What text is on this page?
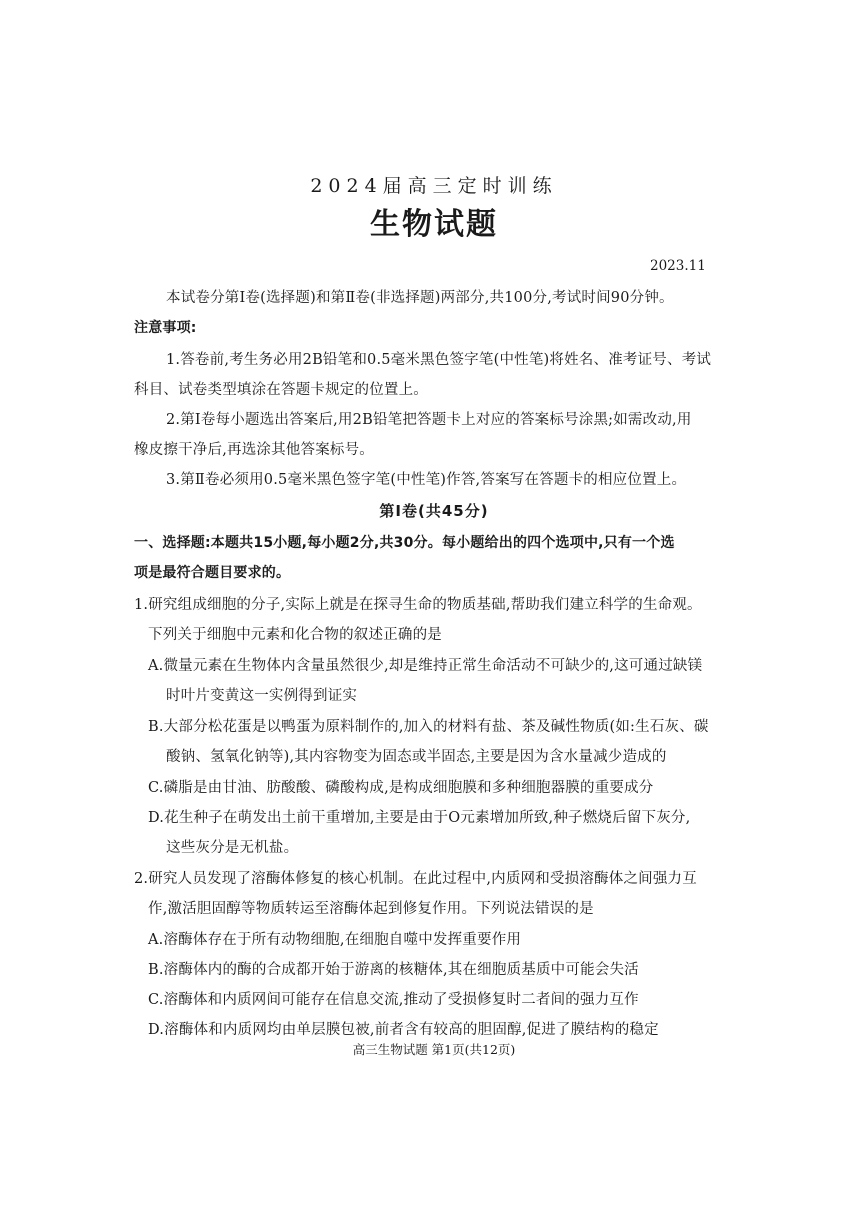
2024届高三定时训练
生物试题
2023.11
本试卷分第Ⅰ卷(选择题)和第Ⅱ卷(非选择题)两部分,共100分,考试时间90分钟。
注意事项:
1.答卷前,考生务必用2B铅笔和0.5毫米黑色签字笔(中性笔)将姓名、准考证号、考试
科目、试卷类型填涂在答题卡规定的位置上。
2.第Ⅰ卷每小题选出答案后,用2B铅笔把答题卡上对应的答案标号涂黑;如需改动,用
橡皮擦干净后,再选涂其他答案标号。
3.第Ⅱ卷必须用0.5毫米黑色签字笔(中性笔)作答,答案写在答题卡的相应位置上。
第Ⅰ卷(共45分)
一、选择题:本题共15小题,每小题2分,共30分。每小题给出的四个选项中,只有一个选
项是最符合题目要求的。
1.研究组成细胞的分子,实际上就是在探寻生命的物质基础,帮助我们建立科学的生命观。
下列关于细胞中元素和化合物的叙述正确的是
A.微量元素在生物体内含量虽然很少,却是维持正常生命活动不可缺少的,这可通过缺镁
时叶片变黄这一实例得到证实
B.大部分松花蛋是以鸭蛋为原料制作的,加入的材料有盐、茶及碱性物质(如:生石灰、碳
酸钠、氢氧化钠等),其内容物变为固态或半固态,主要是因为含水量减少造成的
C.磷脂是由甘油、肪酸酸、磷酸构成,是构成细胞膜和多种细胞器膜的重要成分
D.花生种子在萌发出土前干重增加,主要是由于O元素增加所致,种子燃烧后留下灰分,
这些灰分是无机盐。
2.研究人员发现了溶酶体修复的核心机制。在此过程中,内质网和受损溶酶体之间强力互
作,激活胆固醇等物质转运至溶酶体起到修复作用。下列说法错误的是
A.溶酶体存在于所有动物细胞,在细胞自噬中发挥重要作用
B.溶酶体内的酶的合成都开始于游离的核糖体,其在细胞质基质中可能会失活
C.溶酶体和内质网间可能存在信息交流,推动了受损修复时二者间的强力互作
D.溶酶体和内质网均由单层膜包被,前者含有较高的胆固醇,促进了膜结构的稳定
高三生物试题 第1页(共12页)
